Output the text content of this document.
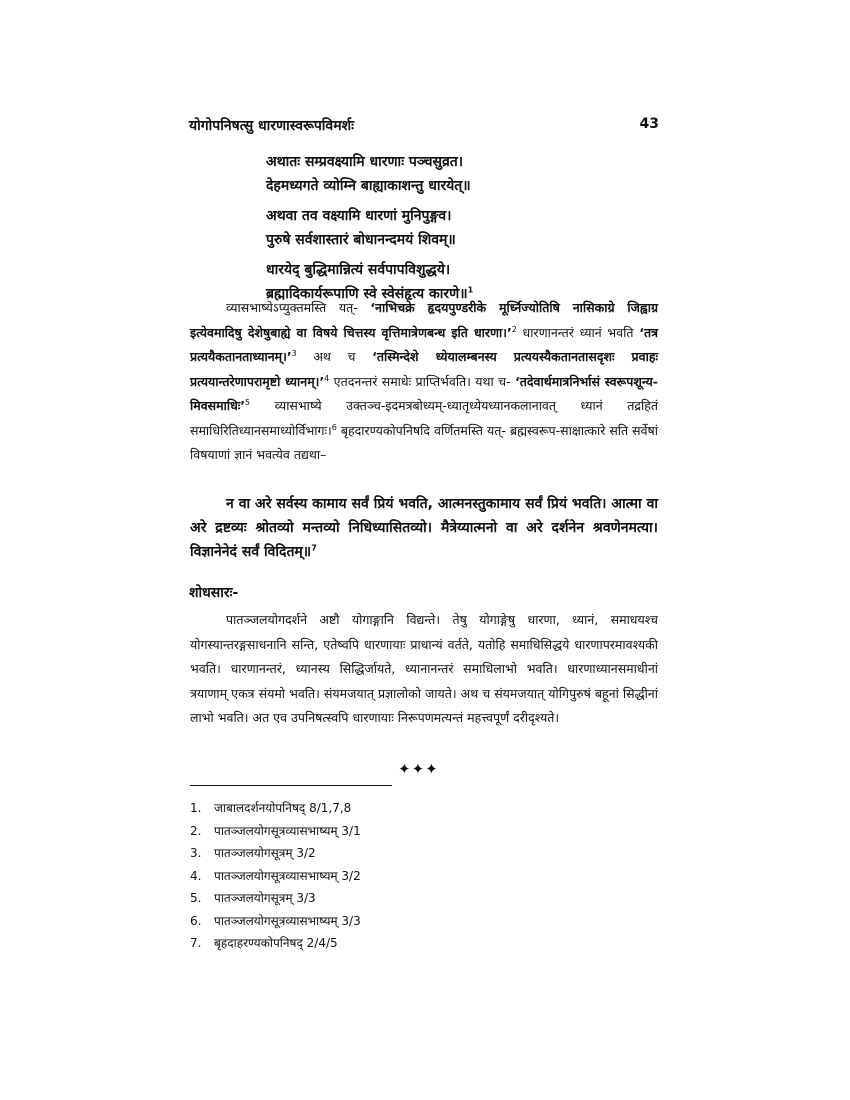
योगोपनिषत्सु धारणास्वरूपविमर्शः	43
अथातः सम्प्रवक्ष्यामि धारणाः पञ्चसुव्रत।
देहमध्यगते व्योम्नि बाह्याकाशन्तु धारयेत्॥
अथवा तव वक्ष्यामि धारणां मुनिपुङ्गव।
पुरुषे सर्वशास्तारं बोधानन्दमयं शिवम्॥
धारयेद् बुद्धिमान्नित्यं सर्वपापविशुद्धये।
ब्रह्मादिकार्यरूपाणि स्वे स्वेसंहृत्य कारणे॥$^1$
व्यासभाष्येऽप्युक्तमस्ति यत्- ‘नाभिचक्रे हृदयपुण्डरीके मूर्ध्निज्योतिषि नासिकाग्रे जिह्वाग्र इत्येवमादिषु देशेषुबाह्ये वा विषये चित्तस्य वृत्तिमात्रेणबन्ध इति धारणा।’$^2$ धारणानन्तरं ध्यानं भवति ‘तत्र प्रत्ययैकतानताध्यानम्।’$^3$ अथ च ‘तस्मिन्देशे ध्येयालम्बनस्य प्रत्ययस्यैकतानतासदृशः प्रवाहः प्रत्ययान्तरेणापरामृष्टो ध्यानम्।’$^4$ एतदनन्तरं समाधेः प्राप्तिर्भवति। यथा च- ‘तदेवार्थमात्रनिर्भासं स्वरूपशून्य-मिवसमाधिः’$^5$ व्यासभाष्ये उक्तञ्च-इदमत्रबोध्यम्-ध्यातृध्येयध्यानकलानावत् ध्यानं तद्रहितं समाधिरितिध्यानसमाध्योर्विभागः।$^6$ बृहदारण्यकोपनिषदि वर्णितमस्ति यत्- ब्रह्मस्वरूप-साक्षात्कारे सति सर्वेषां विषयाणां ज्ञानं भवत्येव तद्यथा–
न वा अरे सर्वस्य कामाय सर्वं प्रियं भवति, आत्मनस्तुकामाय सर्वं प्रियं भवति। आत्मा वा अरे द्रष्टव्यः श्रोतव्यो मन्तव्यो निधिध्यासितव्यो। मैत्रेय्यात्मनो वा अरे दर्शनेन श्रवणेनमत्या। विज्ञानेनेदं सर्वं विदितम्॥$^7$
शोधसारः-
पातञ्जलयोगदर्शने अष्टौ योगाङ्गानि विद्यन्ते। तेषु योगाङ्गेषु धारणा, ध्यानं, समाधयश्च योगस्यान्तरङ्गसाधनानि सन्ति, एतेष्वपि धारणायाः प्राधान्यं वर्तते, यतोहि समाधिसिद्धये धारणापरमावश्यकी भवति। धारणानन्तरं, ध्यानस्य सिद्धिर्जायते, ध्यानानन्तरं समाधिलाभो भवति। धारणाध्यानसमाधीनां त्रयाणाम् एकत्र संयमो भवति। संयमजयात् प्रज्ञालोको जायते। अथ च संयमजयात् योगिपुरुषं बहूनां सिद्धीनां लाभो भवति। अत एव उपनिषत्स्वपि धारणायाः निरूपणमत्यन्तं महत्त्वपूर्णं दरीदृश्यते।
✦✦✦
1. जाबालदर्शनयोपनिषद् 8/1,7,8
2. पातञ्जलयोगसूत्रव्यासभाष्यम् 3/1
3. पातञ्जलयोगसूत्रम् 3/2
4. पातञ्जलयोगसूत्रव्यासभाष्यम् 3/2
5. पातञ्जलयोगसूत्रम् 3/3
6. पातञ्जलयोगसूत्रव्यासभाष्यम् 3/3
7. बृहदाहरण्यकोपनिषद् 2/4/5
